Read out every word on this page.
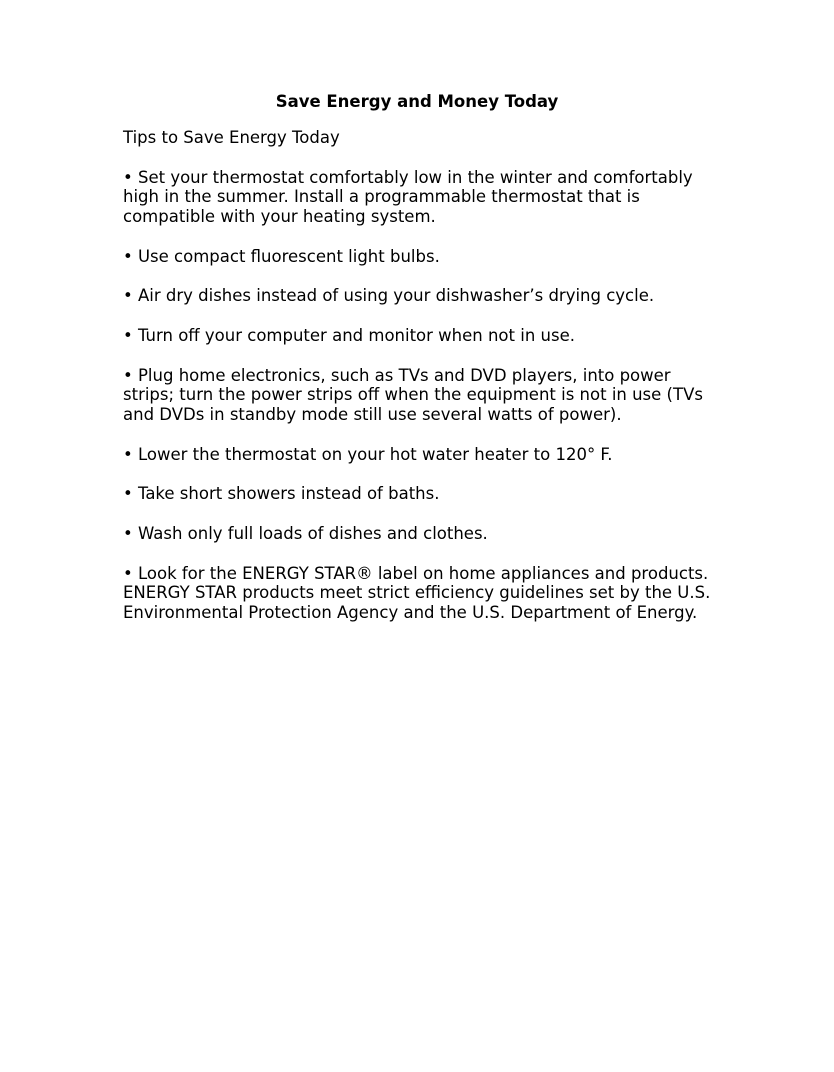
Save Energy and Money Today

Tips to Save Energy Today

• Set your thermostat comfortably low in the winter and comfortably
high in the summer. Install a programmable thermostat that is
compatible with your heating system.

• Use compact fluorescent light bulbs.

• Air dry dishes instead of using your dishwasher’s drying cycle.

• Turn off your computer and monitor when not in use.

• Plug home electronics, such as TVs and DVD players, into power
strips; turn the power strips off when the equipment is not in use (TVs
and DVDs in standby mode still use several watts of power).

• Lower the thermostat on your hot water heater to 120° F.

• Take short showers instead of baths.

• Wash only full loads of dishes and clothes.

• Look for the ENERGY STAR® label on home appliances and products.
ENERGY STAR products meet strict efficiency guidelines set by the U.S.
Environmental Protection Agency and the U.S. Department of Energy.
